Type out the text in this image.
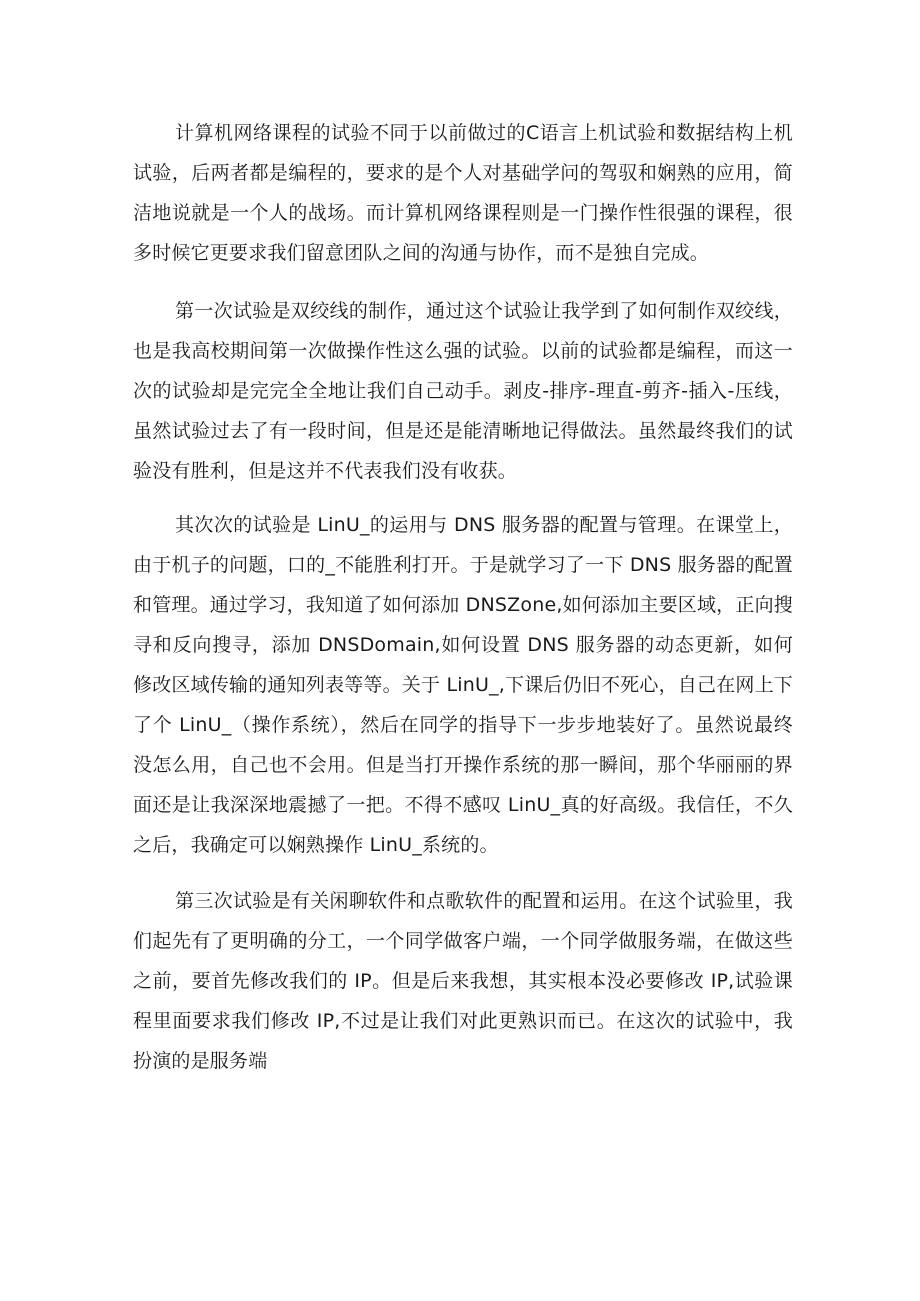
计算机网络课程的试验不同于以前做过的C语言上机试验和数据结构上机试验，后两者都是编程的，要求的是个人对基础学问的驾驭和娴熟的应用，简洁地说就是一个人的战场。而计算机网络课程则是一门操作性很强的课程，很多时候它更要求我们留意团队之间的沟通与协作，而不是独自完成。

第一次试验是双绞线的制作，通过这个试验让我学到了如何制作双绞线，也是我高校期间第一次做操作性这么强的试验。以前的试验都是编程，而这一次的试验却是完完全全地让我们自己动手。剥皮-排序-理直-剪齐-插入-压线，虽然试验过去了有一段时间，但是还是能清晰地记得做法。虽然最终我们的试验没有胜利，但是这并不代表我们没有收获。

其次次的试验是 LinU_的运用与 DNS 服务器的配置与管理。在课堂上，由于机子的问题，口的_不能胜利打开。于是就学习了一下 DNS 服务器的配置和管理。通过学习，我知道了如何添加 DNSZone,如何添加主要区域，正向搜寻和反向搜寻，添加 DNSDomain,如何设置 DNS 服务器的动态更新，如何修改区域传输的通知列表等等。关于 LinU_,下课后仍旧不死心，自己在网上下了个 LinU_（操作系统），然后在同学的指导下一步步地装好了。虽然说最终没怎么用，自己也不会用。但是当打开操作系统的那一瞬间，那个华丽丽的界面还是让我深深地震撼了一把。不得不感叹 LinU_真的好高级。我信任，不久之后，我确定可以娴熟操作 LinU_系统的。

第三次试验是有关闲聊软件和点歌软件的配置和运用。在这个试验里，我们起先有了更明确的分工，一个同学做客户端，一个同学做服务端，在做这些之前，要首先修改我们的 IP。但是后来我想，其实根本没必要修改 IP,试验课程里面要求我们修改 IP,不过是让我们对此更熟识而已。在这次的试验中，我扮演的是服务端
